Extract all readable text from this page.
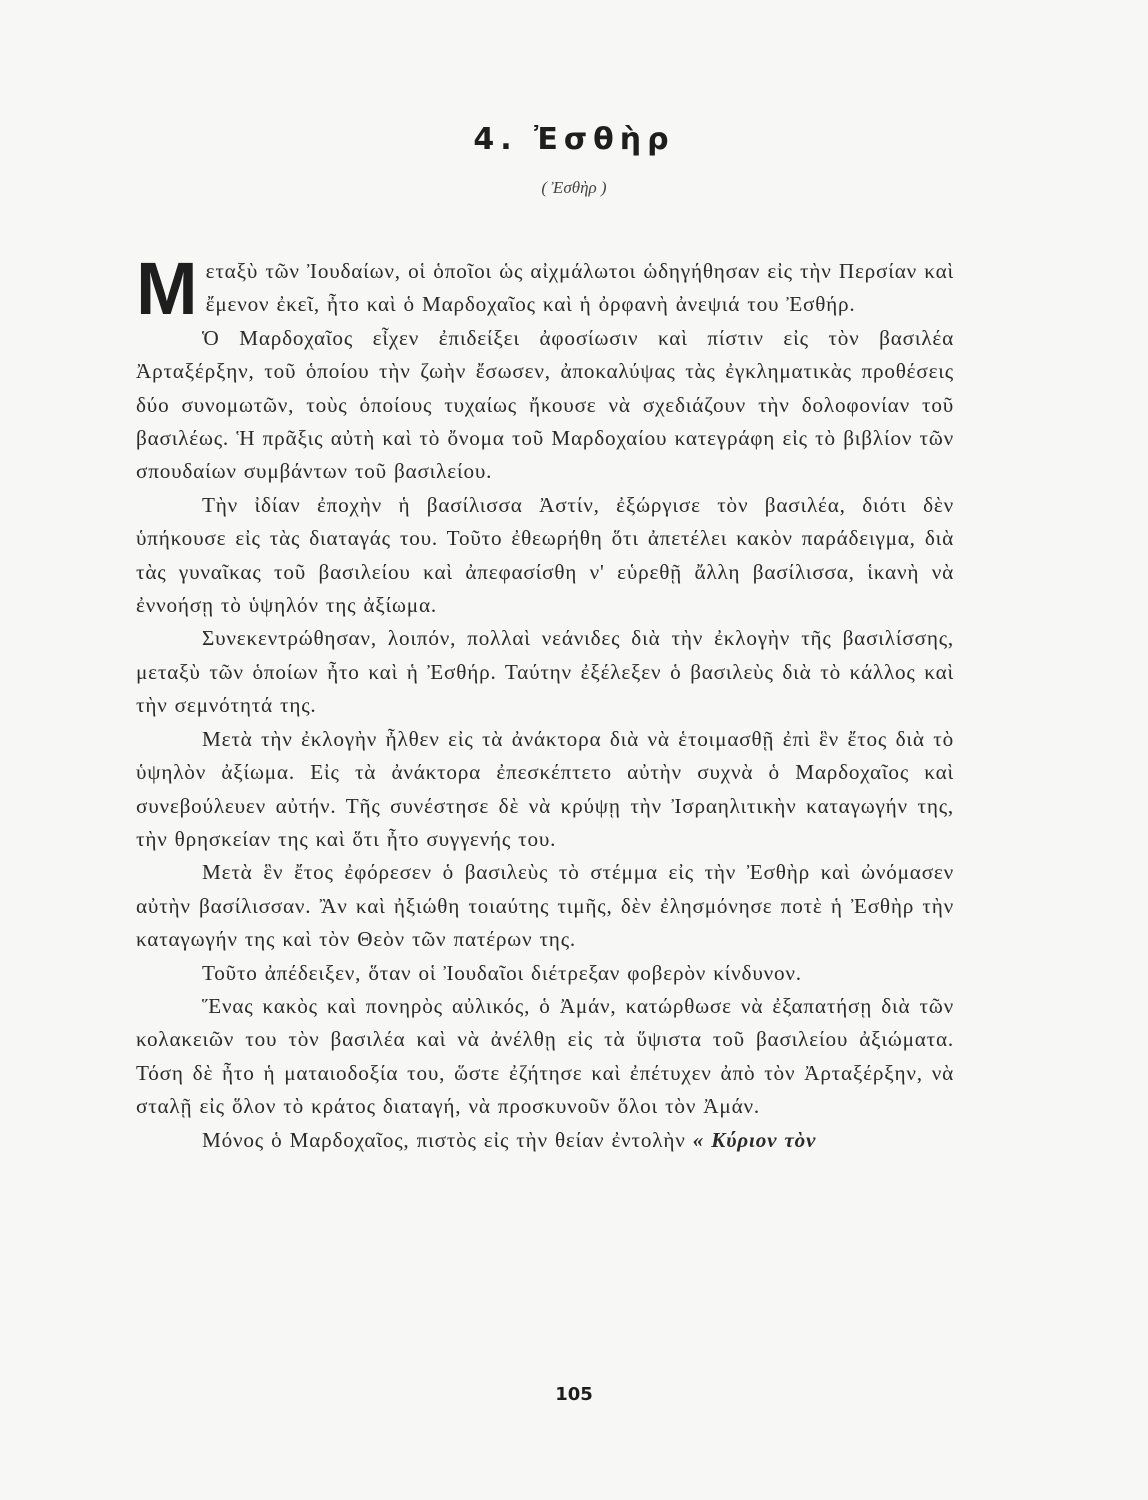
4. Ἐσθὴρ
( Ἐσθὴρ )

Μεταξὺ τῶν Ἰουδαίων, οἱ ὁποῖοι ὡς αἰχμάλωτοι ὡδηγήθησαν εἰς τὴν Περσίαν καὶ ἔμενον ἐκεῖ, ἦτο καὶ ὁ Μαρδοχαῖος καὶ ἡ ὀρφανὴ ἀνεψιά του Ἐσθήρ.

Ὁ Μαρδοχαῖος εἶχεν ἐπιδείξει ἀφοσίωσιν καὶ πίστιν εἰς τὸν βασιλέα Ἀρταξέρξην, τοῦ ὁποίου τὴν ζωὴν ἔσωσεν, ἀποκαλύψας τὰς ἐγκληματικὰς προθέσεις δύο συνομωτῶν, τοὺς ὁποίους τυχαίως ἤκουσε νὰ σχεδιάζουν τὴν δολοφονίαν τοῦ βασιλέως. Ἡ πρᾶξις αὐτὴ καὶ τὸ ὄνομα τοῦ Μαρδοχαίου κατεγράφη εἰς τὸ βιβλίον τῶν σπουδαίων συμβάντων τοῦ βασιλείου.

Τὴν ἰδίαν ἐποχὴν ἡ βασίλισσα Ἀστίν, ἐξώργισε τὸν βασιλέα, διότι δὲν ὑπήκουσε εἰς τὰς διαταγάς του. Τοῦτο ἐθεωρήθη ὅτι ἀπετέλει κακὸν παράδειγμα, διὰ τὰς γυναῖκας τοῦ βασιλείου καὶ ἀπεφασίσθη ν' εὑρεθῇ ἄλλη βασίλισσα, ἱκανὴ νὰ ἐννοήσῃ τὸ ὑψηλόν της ἀξίωμα.

Συνεκεντρώθησαν, λοιπόν, πολλαὶ νεάνιδες διὰ τὴν ἐκλογὴν τῆς βασιλίσσης, μεταξὺ τῶν ὁποίων ἦτο καὶ ἡ Ἐσθήρ. Ταύτην ἐξέλεξεν ὁ βασιλεὺς διὰ τὸ κάλλος καὶ τὴν σεμνότητά της.

Μετὰ τὴν ἐκλογὴν ἦλθεν εἰς τὰ ἀνάκτορα διὰ νὰ ἑτοιμασθῇ ἐπὶ ἓν ἔτος διὰ τὸ ὑψηλὸν ἀξίωμα. Εἰς τὰ ἀνάκτορα ἐπεσκέπτετο αὐτὴν συχνὰ ὁ Μαρδοχαῖος καὶ συνεβούλευεν αὐτήν. Τῆς συνέστησε δὲ νὰ κρύψῃ τὴν Ἰσραηλιτικὴν καταγωγήν της, τὴν θρησκείαν της καὶ ὅτι ἦτο συγγενής του.

Μετὰ ἓν ἔτος ἐφόρεσεν ὁ βασιλεὺς τὸ στέμμα εἰς τὴν Ἐσθὴρ καὶ ὠνόμασεν αὐτὴν βασίλισσαν. Ἂν καὶ ἠξιώθη τοιαύτης τιμῆς, δὲν ἐλησμόνησε ποτὲ ἡ Ἐσθὴρ τὴν καταγωγήν της καὶ τὸν Θεὸν τῶν πατέρων της.

Τοῦτο ἀπέδειξεν, ὅταν οἱ Ἰουδαῖοι διέτρεξαν φοβερὸν κίνδυνον.

Ἕνας κακὸς καὶ πονηρὸς αὐλικός, ὁ Ἀμάν, κατώρθωσε νὰ ἐξαπατήσῃ διὰ τῶν κολακειῶν του τὸν βασιλέα καὶ νὰ ἀνέλθῃ εἰς τὰ ὕψιστα τοῦ βασιλείου ἀξιώματα. Τόση δὲ ἦτο ἡ ματαιοδοξία του, ὥστε ἐζήτησε καὶ ἐπέτυχεν ἀπὸ τὸν Ἀρταξέρξην, νὰ σταλῇ εἰς ὅλον τὸ κράτος διαταγή, νὰ προσκυνοῦν ὅλοι τὸν Ἀμάν.

Μόνος ὁ Μαρδοχαῖος, πιστὸς εἰς τὴν θείαν ἐντολὴν « Κύριον τὸν

105
